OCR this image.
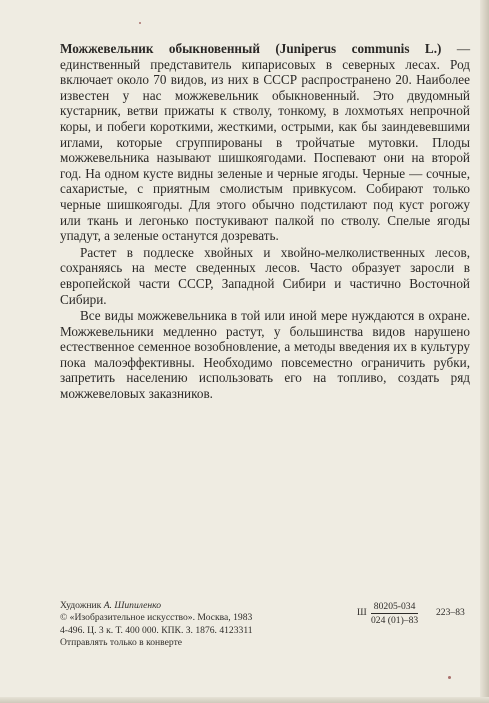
Можжевельник обыкновенный (Juniperus communis L.) — единственный представитель кипарисовых в северных лесах. Род включает около 70 видов, из них в СССР распространено 20. Наиболее известен у нас можжевельник обыкновенный. Это двудомный кустарник, ветви прижаты к стволу, тонкому, в лохмотьях непрочной коры, и побеги короткими, жесткими, острыми, как бы заиндевевшими иглами, которые сгруппированы в тройчатые мутовки. Плоды можжевельника называют шишкоягодами. Поспевают они на второй год. На одном кусте видны зеленые и черные ягоды. Черные — сочные, сахаристые, с приятным смолистым привкусом. Собирают только черные шишкоягоды. Для этого обычно подстилают под куст рогожу или ткань и легонько постукивают палкой по стволу. Спелые ягоды упадут, а зеленые останутся дозревать.

Растет в подлеске хвойных и хвойно-мелколиственных лесов, сохраняясь на месте сведенных лесов. Часто образует заросли в европейской части СССР, Западной Сибири и частично Восточной Сибири.

Все виды можжевельника в той или иной мере нуждаются в охране. Можжевельники медленно растут, у большинства видов нарушено естественное семенное возобновление, а методы введения их в культуру пока малоэффективны. Необходимо повсеместно ограничить рубки, запретить населению использовать его на топливо, создать ряд можжевеловых заказников.

Художник А. Шипиленко
© «Изобразительное искусство». Москва, 1983
4-496. Ц. 3 к. Т. 400 000. КПК. З. 1876. 4123311
Отправлять только в конверте
Ш $\frac{80205-034}{024 (01)-83} 223-83$
